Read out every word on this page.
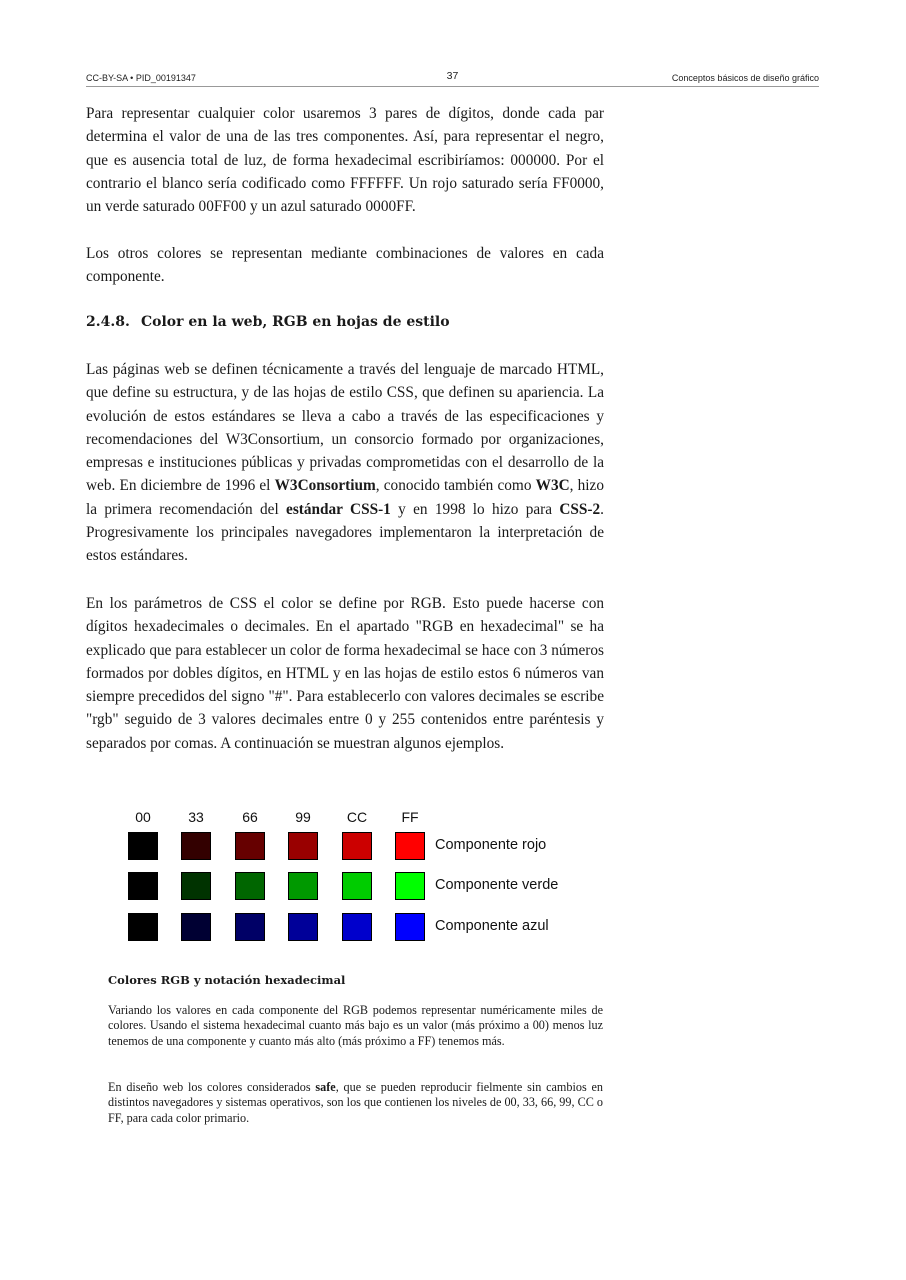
CC-BY-SA • PID_00191347	37	Conceptos básicos de diseño gráfico

Para representar cualquier color usaremos 3 pares de dígitos, donde cada par determina el valor de una de las tres componentes. Así, para representar el negro, que es ausencia total de luz, de forma hexadecimal escribiríamos: 000000. Por el contrario el blanco sería codificado como FFFFFF. Un rojo saturado sería FF0000, un verde saturado 00FF00 y un azul saturado 0000FF.

Los otros colores se representan mediante combinaciones de valores en cada componente.

2.4.8. Color en la web, RGB en hojas de estilo

Las páginas web se definen técnicamente a través del lenguaje de marcado HTML, que define su estructura, y de las hojas de estilo CSS, que definen su apariencia. La evolución de estos estándares se lleva a cabo a través de las especificaciones y recomendaciones del W3Consortium, un consorcio formado por organizaciones, empresas e instituciones públicas y privadas comprometidas con el desarrollo de la web. En diciembre de 1996 el W3Consortium, conocido también como W3C, hizo la primera recomendación del estándar CSS-1 y en 1998 lo hizo para CSS-2. Progresivamente los principales navegadores implementaron la interpretación de estos estándares.

En los parámetros de CSS el color se define por RGB. Esto puede hacerse con dígitos hexadecimales o decimales. En el apartado "RGB en hexadecimal" se ha explicado que para establecer un color de forma hexadecimal se hace con 3 números formados por dobles dígitos, en HTML y en las hojas de estilo estos 6 números van siempre precedidos del signo "#". Para establecerlo con valores decimales se escribe "rgb" seguido de 3 valores decimales entre 0 y 255 contenidos entre paréntesis y separados por comas. A continuación se muestran algunos ejemplos.

00	33	66	99	CC	FF
Componente rojo
Componente verde
Componente azul
Colores RGB y notación hexadecimal
Variando los valores en cada componente del RGB podemos representar numéricamente miles de colores. Usando el sistema hexadecimal cuanto más bajo es un valor (más próximo a 00) menos luz tenemos de una componente y cuanto más alto (más próximo a FF) tenemos más.
En diseño web los colores considerados safe, que se pueden reproducir fielmente sin cambios en distintos navegadores y sistemas operativos, son los que contienen los niveles de 00, 33, 66, 99, CC o FF, para cada color primario.
